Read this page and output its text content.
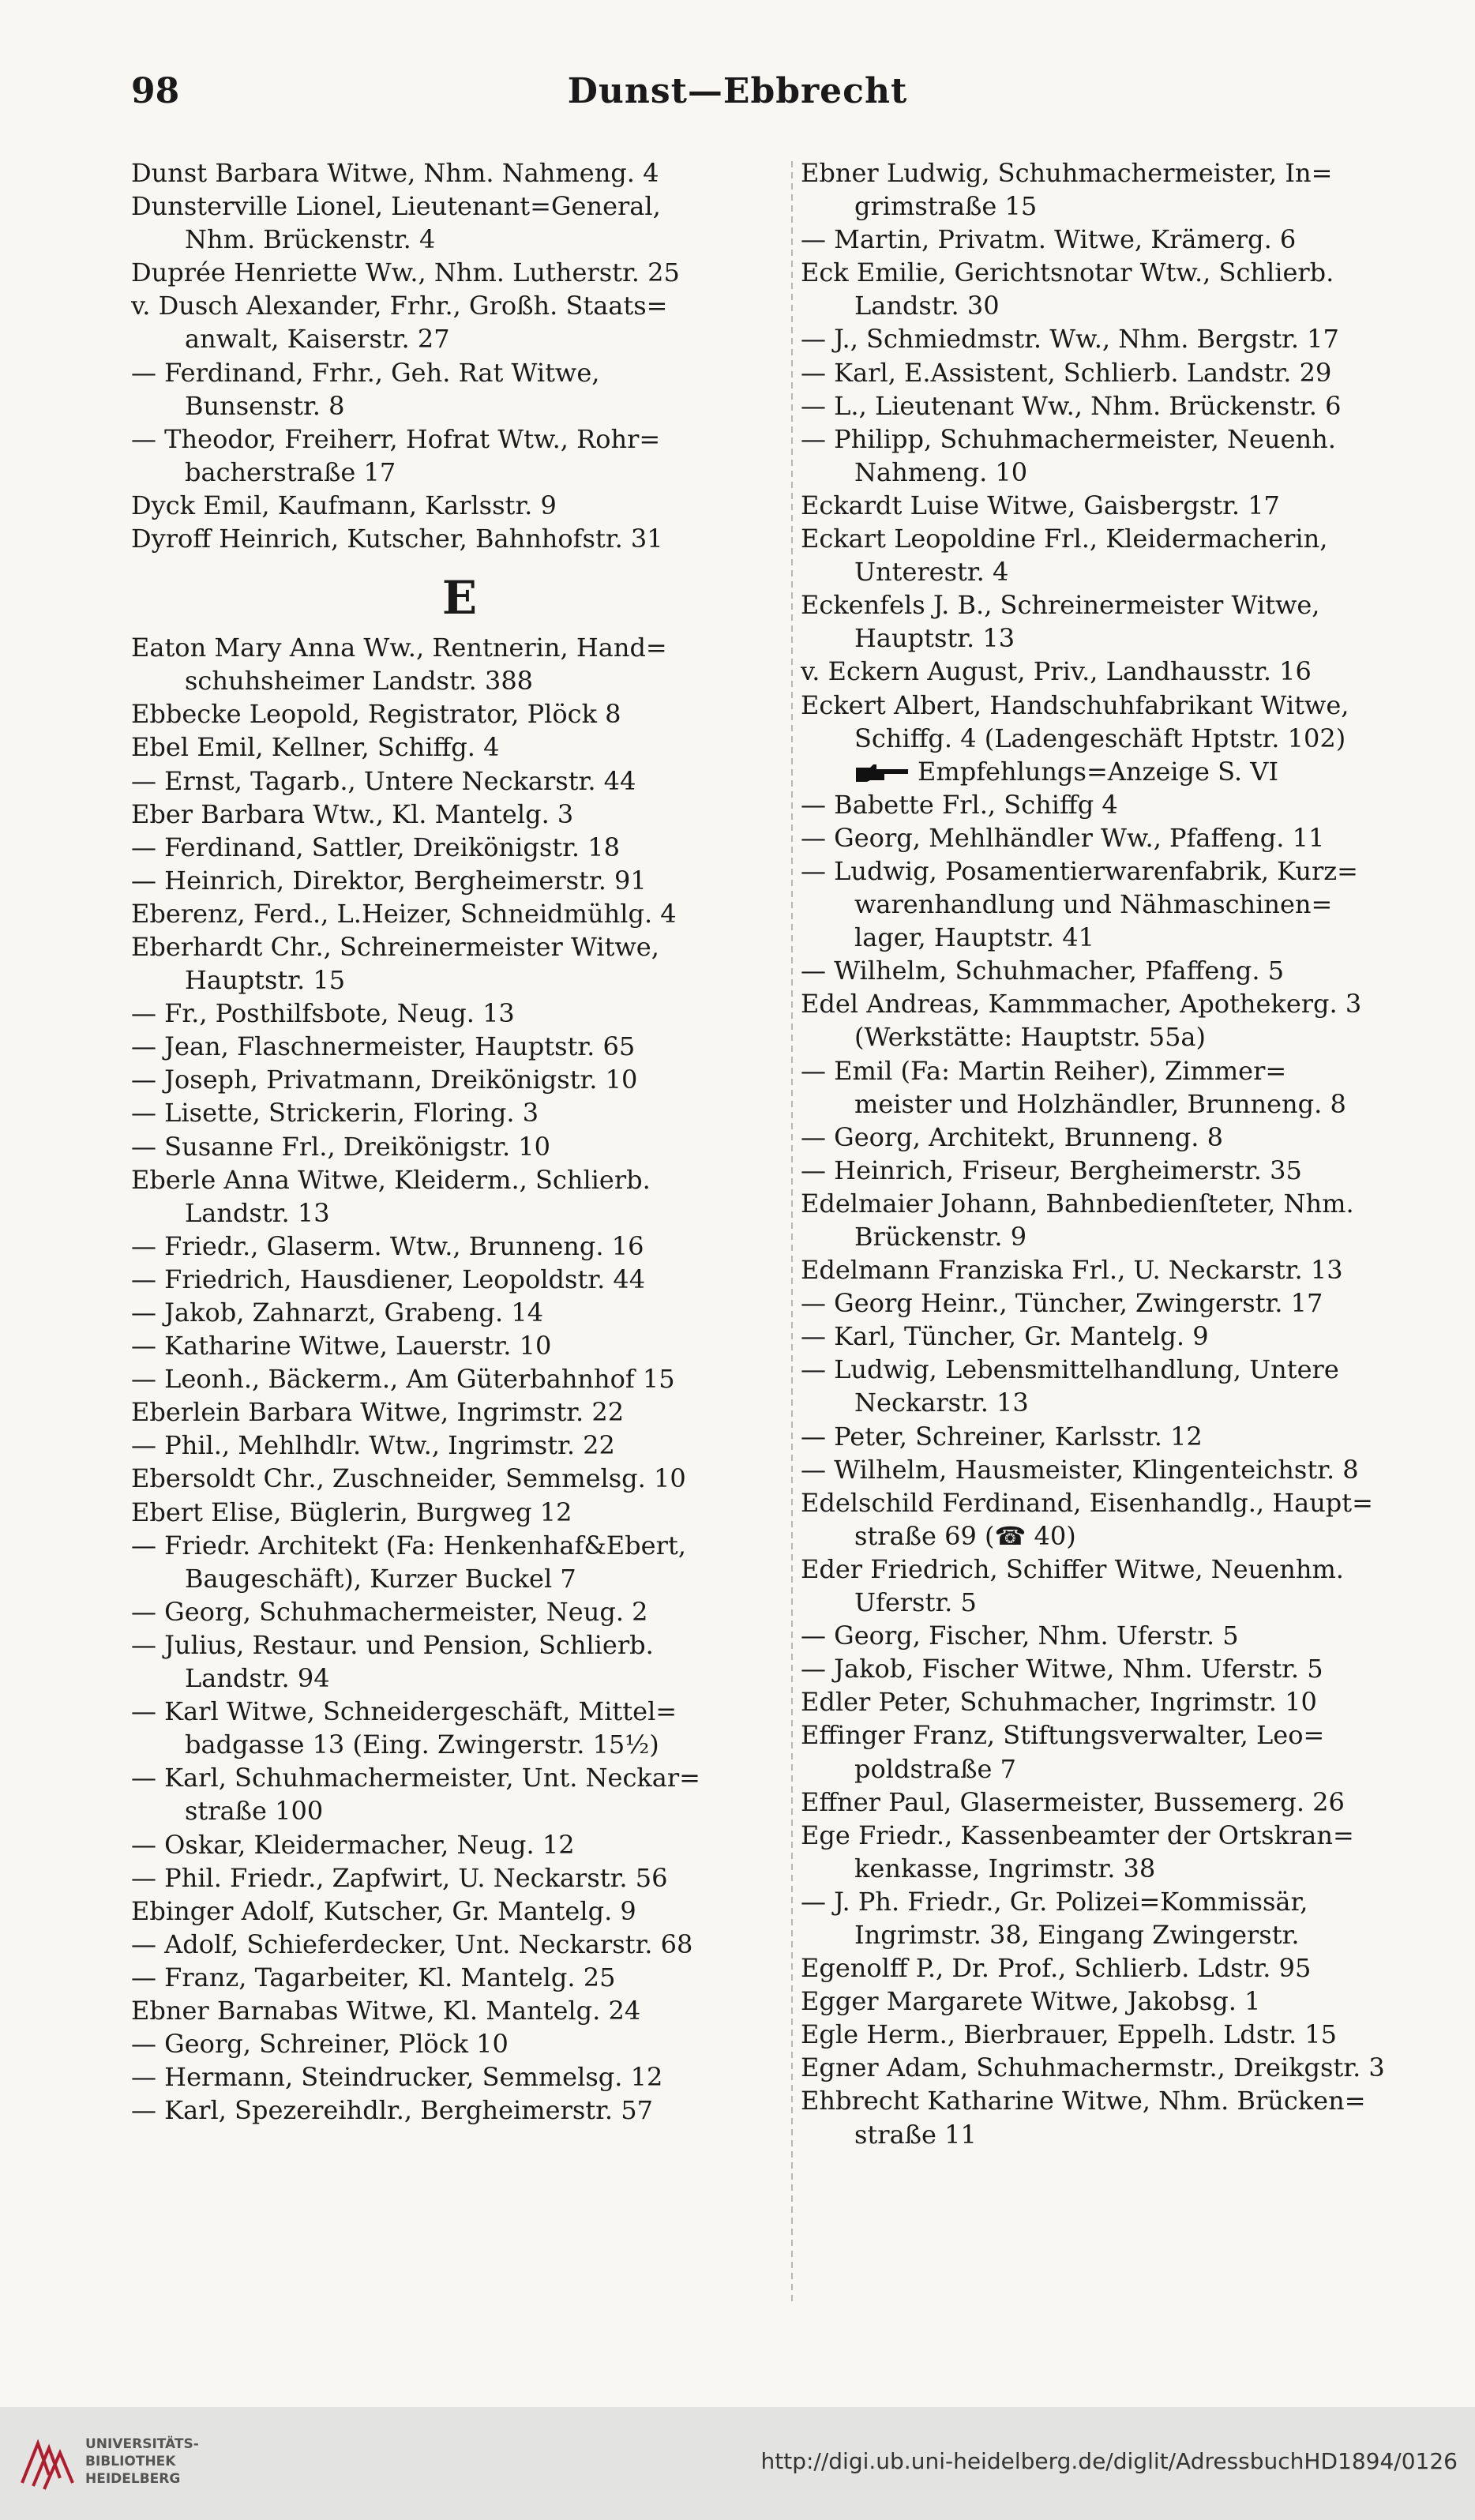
98	Dunst—Ebbrecht
Dunst Barbara Witwe, Nhm. Nahmeng. 4
Dunsterville Lionel, Lieutenant=General,
Nhm. Brückenstr. 4
Duprée Henriette Ww., Nhm. Lutherstr. 25
v. Dusch Alexander, Frhr., Großh. Staats=
anwalt, Kaiserstr. 27
— Ferdinand, Frhr., Geh. Rat Witwe,
Bunsenstr. 8
— Theodor, Freiherr, Hofrat Wtw., Rohr=
bacherstraße 17
Dyck Emil, Kaufmann, Karlsstr. 9
Dyroff Heinrich, Kutscher, Bahnhofstr. 31
E
Eaton Mary Anna Ww., Rentnerin, Hand=
schuhsheimer Landstr. 388
Ebbecke Leopold, Registrator, Plöck 8
Ebel Emil, Kellner, Schiffg. 4
— Ernst, Tagarb., Untere Neckarstr. 44
Eber Barbara Wtw., Kl. Mantelg. 3
— Ferdinand, Sattler, Dreikönigstr. 18
— Heinrich, Direktor, Bergheimerstr. 91
Eberenz, Ferd., L.Heizer, Schneidmühlg. 4
Eberhardt Chr., Schreinermeister Witwe,
Hauptstr. 15
— Fr., Posthilfsbote, Neug. 13
— Jean, Flaschnermeister, Hauptstr. 65
— Joseph, Privatmann, Dreikönigstr. 10
— Lisette, Strickerin, Floring. 3
— Susanne Frl., Dreikönigstr. 10
Eberle Anna Witwe, Kleiderm., Schlierb.
Landstr. 13
— Friedr., Glaserm. Wtw., Brunneng. 16
— Friedrich, Hausdiener, Leopoldstr. 44
— Jakob, Zahnarzt, Grabeng. 14
— Katharine Witwe, Lauerstr. 10
— Leonh., Bäckerm., Am Güterbahnhof 15
Eberlein Barbara Witwe, Ingrimstr. 22
— Phil., Mehlhdlr. Wtw., Ingrimstr. 22
Ebersoldt Chr., Zuschneider, Semmelsg. 10
Ebert Elise, Büglerin, Burgweg 12
— Friedr. Architekt (Fa: Henkenhaf&Ebert,
Baugeschäft), Kurzer Buckel 7
— Georg, Schuhmachermeister, Neug. 2
— Julius, Restaur. und Pension, Schlierb.
Landstr. 94
— Karl Witwe, Schneidergeschäft, Mittel=
badgasse 13 (Eing. Zwingerstr. 15½)
— Karl, Schuhmachermeister, Unt. Neckar=
straße 100
— Oskar, Kleidermacher, Neug. 12
— Phil. Friedr., Zapfwirt, U. Neckarstr. 56
Ebinger Adolf, Kutscher, Gr. Mantelg. 9
— Adolf, Schieferdecker, Unt. Neckarstr. 68
— Franz, Tagarbeiter, Kl. Mantelg. 25
Ebner Barnabas Witwe, Kl. Mantelg. 24
— Georg, Schreiner, Plöck 10
— Hermann, Steindrucker, Semmelsg. 12
— Karl, Spezereihdlr., Bergheimerstr. 57
Ebner Ludwig, Schuhmachermeister, In=
grimstraße 15
— Martin, Privatm. Witwe, Krämerg. 6
Eck Emilie, Gerichtsnotar Wtw., Schlierb.
Landstr. 30
— J., Schmiedmstr. Ww., Nhm. Bergstr. 17
— Karl, E.Assistent, Schlierb. Landstr. 29
— L., Lieutenant Ww., Nhm. Brückenstr. 6
— Philipp, Schuhmachermeister, Neuenh.
Nahmeng. 10
Eckardt Luise Witwe, Gaisbergstr. 17
Eckart Leopoldine Frl., Kleidermacherin,
Unterestr. 4
Eckenfels J. B., Schreinermeister Witwe,
Hauptstr. 13
v. Eckern August, Priv., Landhausstr. 16
Eckert Albert, Handschuhfabrikant Witwe,
Schiffg. 4 (Ladengeschäft Hptstr. 102)
Empfehlungs=Anzeige S. VI
— Babette Frl., Schiffg 4
— Georg, Mehlhändler Ww., Pfaffeng. 11
— Ludwig, Posamentierwarenfabrik, Kurz=
warenhandlung und Nähmaschinen=
lager, Hauptstr. 41
— Wilhelm, Schuhmacher, Pfaffeng. 5
Edel Andreas, Kammmacher, Apothekerg. 3
(Werkstätte: Hauptstr. 55a)
— Emil (Fa: Martin Reiher), Zimmer=
meister und Holzhändler, Brunneng. 8
— Georg, Architekt, Brunneng. 8
— Heinrich, Friseur, Bergheimerstr. 35
Edelmaier Johann, Bahnbedienſteter, Nhm.
Brückenstr. 9
Edelmann Franziska Frl., U. Neckarstr. 13
— Georg Heinr., Tüncher, Zwingerstr. 17
— Karl, Tüncher, Gr. Mantelg. 9
— Ludwig, Lebensmittelhandlung, Untere
Neckarstr. 13
— Peter, Schreiner, Karlsstr. 12
— Wilhelm, Hausmeister, Klingenteichstr. 8
Edelschild Ferdinand, Eisenhandlg., Haupt=
straße 69 (☎ 40)
Eder Friedrich, Schiffer Witwe, Neuenhm.
Uferstr. 5
— Georg, Fischer, Nhm. Uferstr. 5
— Jakob, Fischer Witwe, Nhm. Uferstr. 5
Edler Peter, Schuhmacher, Ingrimstr. 10
Effinger Franz, Stiftungsverwalter, Leo=
poldstraße 7
Effner Paul, Glasermeister, Bussemerg. 26
Ege Friedr., Kassenbeamter der Ortskran=
kenkasse, Ingrimstr. 38
— J. Ph. Friedr., Gr. Polizei=Kommissär,
Ingrimstr. 38, Eingang Zwingerstr.
Egenolff P., Dr. Prof., Schlierb. Ldstr. 95
Egger Margarete Witwe, Jakobsg. 1
Egle Herm., Bierbrauer, Eppelh. Ldstr. 15
Egner Adam, Schuhmachermstr., Dreikgstr. 3
Ehbrecht Katharine Witwe, Nhm. Brücken=
straße 11
UNIVERSITÄTS-
BIBLIOTHEK
HEIDELBERG
http://digi.ub.uni-heidelberg.de/diglit/AdressbuchHD1894/0126
